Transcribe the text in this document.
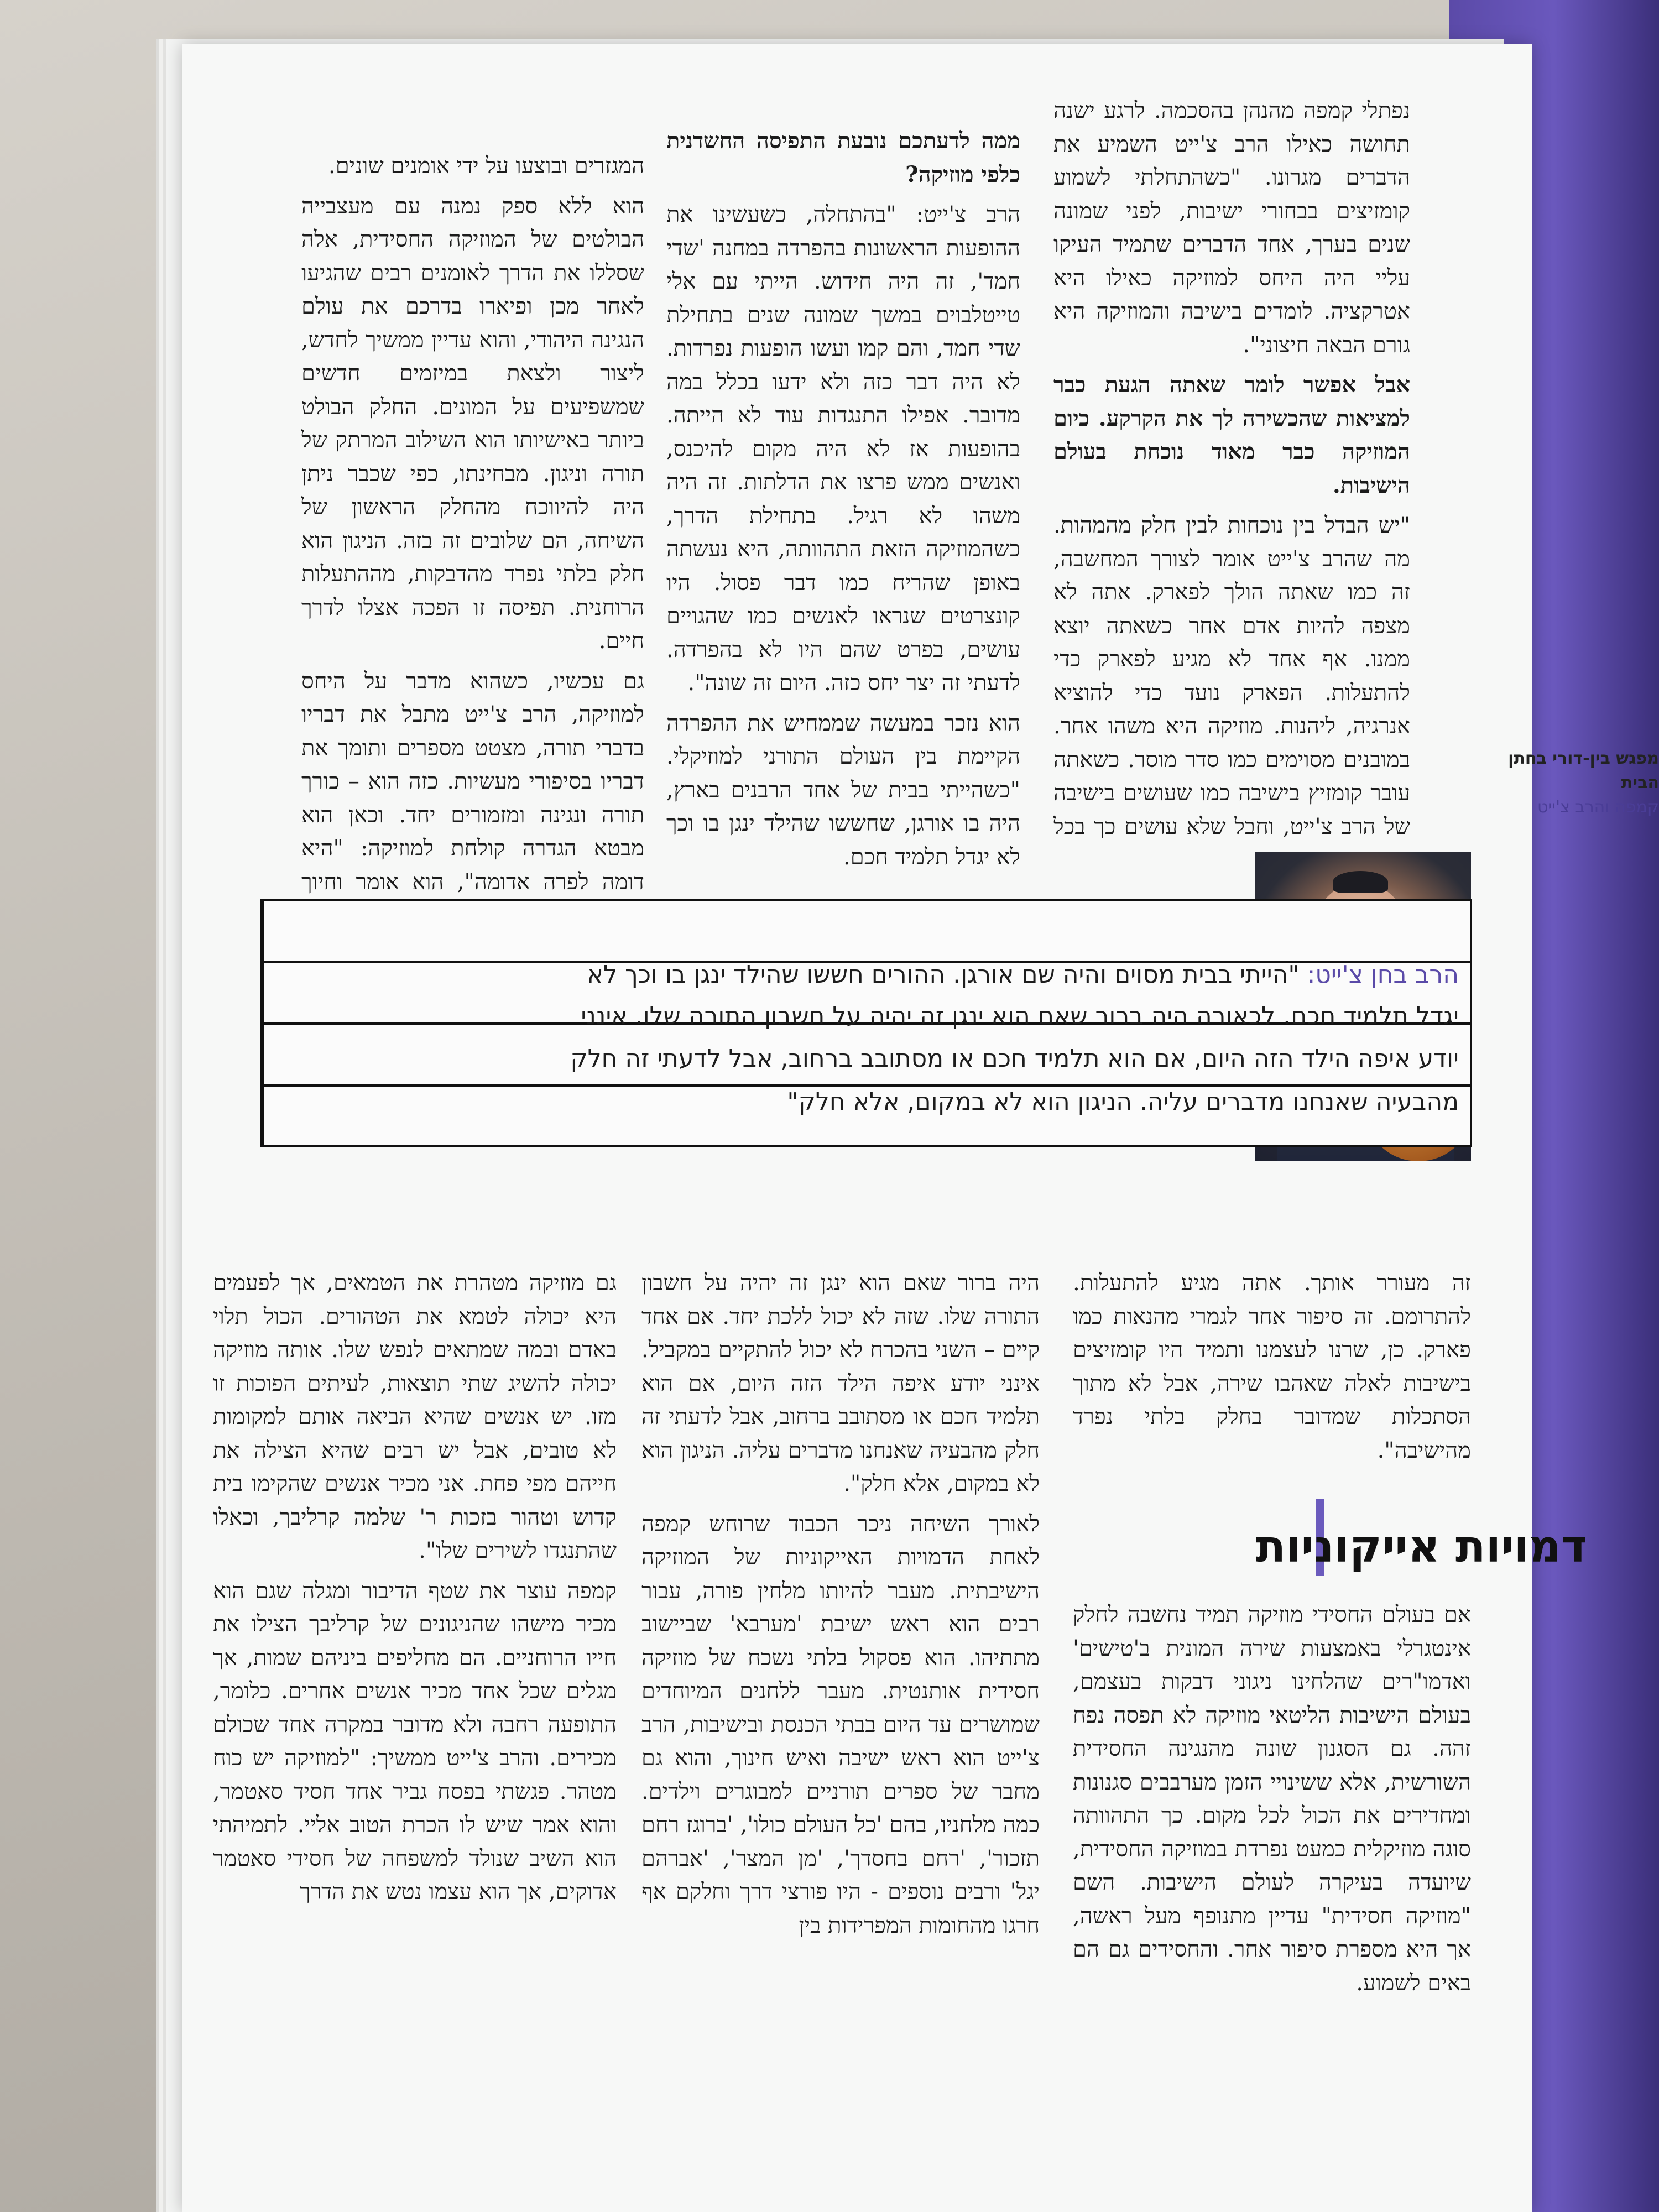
נפתלי קמפה מהנהן בהסכמה. לרגע ישנה תחושה כאילו הרב צ'ייט השמיע את הדברים מגרונו. "כשהתחלתי לשמוע קומזיצים בבחורי ישיבות, לפני שמונה שנים בערך, אחד הדברים שתמיד העיקו עליי היה היחס למוזיקה כאילו היא אטרקציה. לומדים בישיבה והמוזיקה היא גורם הבאה חיצוני".

אבל אפשר לומר שאתה הגעת כבר למציאות שהכשירה לך את הקרקע. כיום המוזיקה כבר מאוד נוכחת בעולם הישיבות.

"יש הבדל בין נוכחות לבין חלק מהמהות. מה שהרב צ'ייט אומר לצורך המחשבה, זה כמו שאתה הולך לפארק. אתה לא מצפה להיות אדם אחר כשאתה יוצא ממנו. אף אחד לא מגיע לפארק כדי להתעלות. הפארק נועד כדי להוציא אנרגיה, ליהנות. מוזיקה היא משהו אחר. במובנים מסוימים כמו סדר מוסר. כשאתה עובר קומזיץ בישיבה כמו שעושים בישיבה של הרב צ'ייט, וחבל שלא עושים כך בכל

ממה לדעתכם נובעת התפיסה החשדנית כלפי מוזיקה?

הרב צ'ייט: "בהתחלה, כשעשינו את ההופעות הראשונות בהפרדה במחנה 'שדי חמד', זה היה חידוש. הייתי עם אלי טייטלבוים במשך שמונה שנים בתחילת שדי חמד, והם קמו ועשו הופעות נפרדות. לא היה דבר כזה ולא ידעו בכלל במה מדובר. אפילו התנגדות עוד לא הייתה. בהופעות אז לא היה מקום להיכנס, ואנשים ממש פרצו את הדלתות. זה היה משהו לא רגיל. בתחילת הדרך, כשהמוזיקה הזאת התהוותה, היא נעשתה באופן שהריח כמו דבר פסול. היו קונצרטים שנראו לאנשים כמו שהגויים עושים, בפרט שהם היו לא בהפרדה. לדעתי זה יצר יחס כזה. היום זה שונה".

הוא נזכר במעשה שממחיש את ההפרדה הקיימת בין העולם התורני למוזיקלי. "כשהייתי בבית של אחד הרבנים בארץ, היה בו אורגן, שחששו שהילד ינגן בו וכך לא יגדל תלמיד חכם.

המגזרים ובוצעו על ידי אומנים שונים.

הוא ללא ספק נמנה עם מעצבייה הבולטים של המוזיקה החסידית, אלה שסללו את הדרך לאומנים רבים שהגיעו לאחר מכן ופיארו בדרכם את עולם הנגינה היהודי, והוא עדיין ממשיך לחדש, ליצור ולצאת במיזמים חדשים שמשפיעים על המונים. החלק הבולט ביותר באישיותו הוא השילוב המרתק של תורה וניגון. מבחינתו, כפי שכבר ניתן היה להיווכח מהחלק הראשון של השיחה, הם שלובים זה בזה. הניגון הוא חלק בלתי נפרד מהדבקות, מההתעלות הרוחנית. תפיסה זו הפכה אצלו לדרך חיים.

גם עכשיו, כשהוא מדבר על היחס למוזיקה, הרב צ'ייט מתבל את דבריו בדברי תורה, מצטט מספרים ותומך את דבריו בסיפורי מעשיות. כזה הוא – כורך תורה ונגינה ומזמורים יחד. וכאן הוא מבטא הגדרה קולחת למוזיקה: "היא דומה לפרה אדומה", הוא אומר וחיוך

מפגש בין-דורי בחתן הבית
קמפה והרב צ'ייט
הרב בחן צ'ייט: "הייתי בבית מסוים והיה שם אורגן. ההורים חששו שהילד ינגן בו וכך לא
יגדל תלמיד חכם. לכאורה היה ברור שאם הוא ינגן זה יהיה על חשבון התורה שלו. אינני
יודע איפה הילד הזה היום, אם הוא תלמיד חכם או מסתובב ברחוב, אבל לדעתי זה חלק
מהבעיה שאנחנו מדברים עליה. הניגון הוא לא במקום, אלא חלק"

זה מעורר אותך. אתה מגיע להתעלות. להתרומם. זה סיפור אחר לגמרי מהנאות כמו פארק. כן, שרנו לעצמנו ותמיד היו קומזיצים בישיבות לאלה שאהבו שירה, אבל לא מתוך הסתכלות שמדובר בחלק בלתי נפרד מהישיבה".

דמויות אייקוניות

אם בעולם החסידי מוזיקה תמיד נחשבה לחלק אינטגרלי באמצעות שירה המונית ב'טישים' ואדמו"רים שהלחינו ניגוני דבקות בעצמם, בעולם הישיבות הליטאי מוזיקה לא תפסה נפח זהה. גם הסגנון שונה מהנגינה החסידית השורשית, אלא ששינויי הזמן מערבבים סגנונות ומחדירים את הכול לכל מקום. כך התהוותה סוגה מוזיקלית כמעט נפרדת במוזיקה החסידית, שיועדה בעיקרה לעולם הישיבות. השם "מוזיקה חסידית" עדיין מתנופף מעל ראשה, אך היא מספרת סיפור אחר. והחסידים גם הם באים לשמוע.

היה ברור שאם הוא ינגן זה יהיה על חשבון התורה שלו. שזה לא יכול ללכת יחד. אם אחד קיים – השני בהכרח לא יכול להתקיים במקביל. אינני יודע איפה הילד הזה היום, אם הוא תלמיד חכם או מסתובב ברחוב, אבל לדעתי זה חלק מהבעיה שאנחנו מדברים עליה. הניגון הוא לא במקום, אלא חלק".

לאורך השיחה ניכר הכבוד שרוחש קמפה לאחת הדמויות האייקוניות של המוזיקה הישיבתית. מעבר להיותו מלחין פורה, עבור רבים הוא ראש ישיבת 'מערבא' שביישוב מתתיהו. הוא פסקול בלתי נשכח של מוזיקה חסידית אותנטית. מעבר ללחנים המיוחדים שמושרים עד היום בבתי הכנסת ובישיבות, הרב צ'ייט הוא ראש ישיבה ואיש חינוך, והוא גם מחבר של ספרים תורניים למבוגרים וילדים. כמה מלחניו, בהם 'כל העולם כולו', 'ברוגז רחם תזכור', 'רחם בחסדך', 'מן המצר', 'אברהם יגל' ורבים נוספים - היו פורצי דרך וחלקם אף חרגו מהחומות המפרידות בין

גם מוזיקה מטהרת את הטמאים, אך לפעמים היא יכולה לטמא את הטהורים. הכול תלוי באדם ובמה שמתאים לנפש שלו. אותה מוזיקה יכולה להשיג שתי תוצאות, לעיתים הפוכות זו מזו. יש אנשים שהיא הביאה אותם למקומות לא טובים, אבל יש רבים שהיא הצילה את חייהם מפי פחת. אני מכיר אנשים שהקימו בית קדוש וטהור בזכות ר' שלמה קרליבך, וכאלו שהתנגדו לשירים שלו".

קמפה עוצר את שטף הדיבור ומגלה שגם הוא מכיר מישהו שהניגונים של קרליבך הצילו את חייו הרוחניים. הם מחליפים ביניהם שמות, אך מגלים שכל אחד מכיר אנשים אחרים. כלומר, התופעה רחבה ולא מדובר במקרה אחד שכולם מכירים. והרב צ'ייט ממשיך: "למוזיקה יש כוח מטהר. פגשתי בפסח גביר אחד חסיד סאטמר, והוא אמר שיש לו הכרת הטוב אליי. לתמיהתי הוא השיב שנולד למשפחה של חסידי סאטמר אדוקים, אך הוא עצמו נטש את הדרך
